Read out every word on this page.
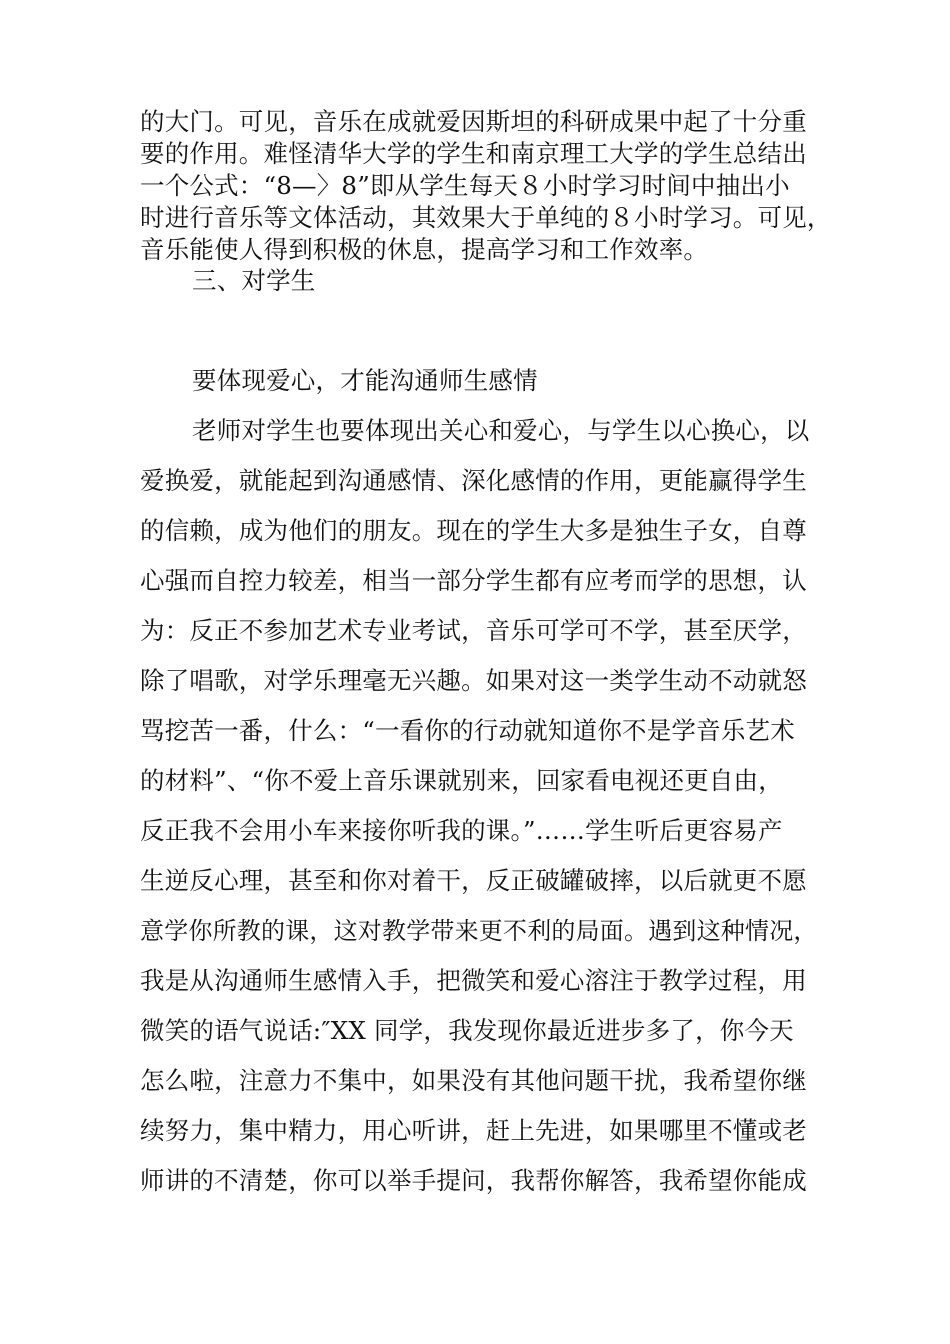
的大门。可见，音乐在成就爱因斯坦的科研成果中起了十分重
要的作用。难怪清华大学的学生和南京理工大学的学生总结出
一个公式：“8—〉8”即从学生每天８小时学习时间中抽出小
时进行音乐等文体活动，其效果大于单纯的８小时学习。可见，
音乐能使人得到积极的休息，提高学习和工作效率。
三、对学生
要体现爱心，才能沟通师生感情
老师对学生也要体现出关心和爱心，与学生以心换心，以
爱换爱，就能起到沟通感情、深化感情的作用，更能赢得学生
的信赖，成为他们的朋友。现在的学生大多是独生子女，自尊
心强而自控力较差，相当一部分学生都有应考而学的思想，认
为：反正不参加艺术专业考试，音乐可学可不学，甚至厌学，
除了唱歌，对学乐理毫无兴趣。如果对这一类学生动不动就怒
骂挖苦一番，什么：“一看你的行动就知道你不是学音乐艺术
的材料”、“你不爱上音乐课就别来，回家看电视还更自由，
反正我不会用小车来接你听我的课。”……学生听后更容易产
生逆反心理，甚至和你对着干，反正破罐破摔，以后就更不愿
意学你所教的课，这对教学带来更不利的局面。遇到这种情况，
我是从沟通师生感情入手，把微笑和爱心溶注于教学过程，用
微笑的语气说话:″XX 同学，我发现你最近进步多了，你今天
怎么啦，注意力不集中，如果没有其他问题干扰，我希望你继
续努力，集中精力，用心听讲，赶上先进，如果哪里不懂或老
师讲的不清楚，你可以举手提问，我帮你解答，我希望你能成
